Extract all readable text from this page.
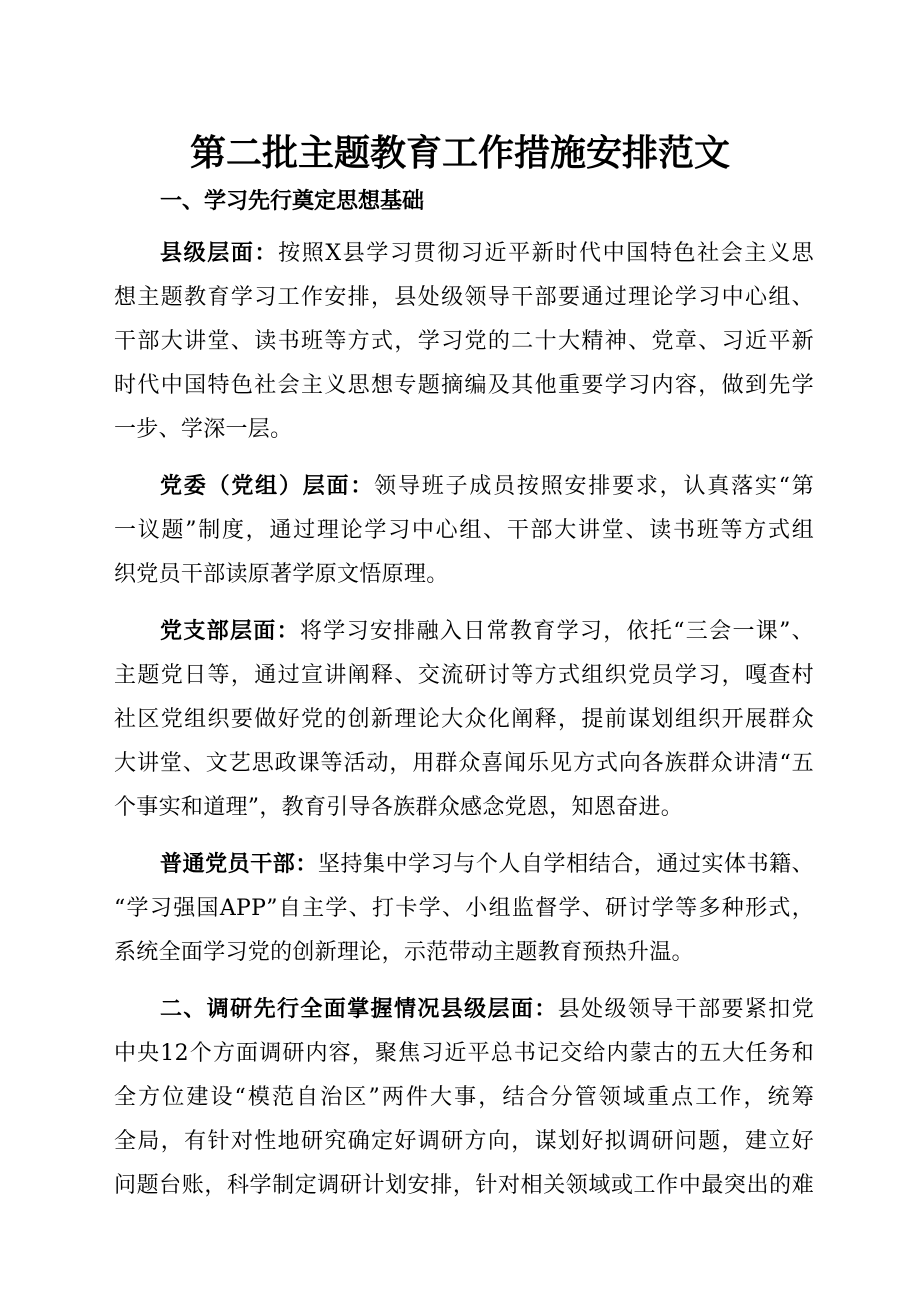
第二批主题教育工作措施安排范文
一、学习先行奠定思想基础
县级层面：按照X县学习贯彻习近平新时代中国特色社会主义思
想主题教育学习工作安排，县处级领导干部要通过理论学习中心组、
干部大讲堂、读书班等方式，学习党的二十大精神、党章、习近平新
时代中国特色社会主义思想专题摘编及其他重要学习内容，做到先学
一步、学深一层。
党委（党组）层面：领导班子成员按照安排要求，认真落实“第
一议题”制度，通过理论学习中心组、干部大讲堂、读书班等方式组
织党员干部读原著学原文悟原理。
党支部层面：将学习安排融入日常教育学习，依托“三会一课”、
主题党日等，通过宣讲阐释、交流研讨等方式组织党员学习，嘎查村
社区党组织要做好党的创新理论大众化阐释，提前谋划组织开展群众
大讲堂、文艺思政课等活动，用群众喜闻乐见方式向各族群众讲清“五
个事实和道理”，教育引导各族群众感念党恩，知恩奋进。
普通党员干部：坚持集中学习与个人自学相结合，通过实体书籍、
“学习强国APP”自主学、打卡学、小组监督学、研讨学等多种形式，
系统全面学习党的创新理论，示范带动主题教育预热升温。
二、调研先行全面掌握情况县级层面：县处级领导干部要紧扣党
中央12个方面调研内容，聚焦习近平总书记交给内蒙古的五大任务和
全方位建设“模范自治区”两件大事，结合分管领域重点工作，统筹
全局，有针对性地研究确定好调研方向，谋划好拟调研问题，建立好
问题台账，科学制定调研计划安排，针对相关领域或工作中最突出的难
